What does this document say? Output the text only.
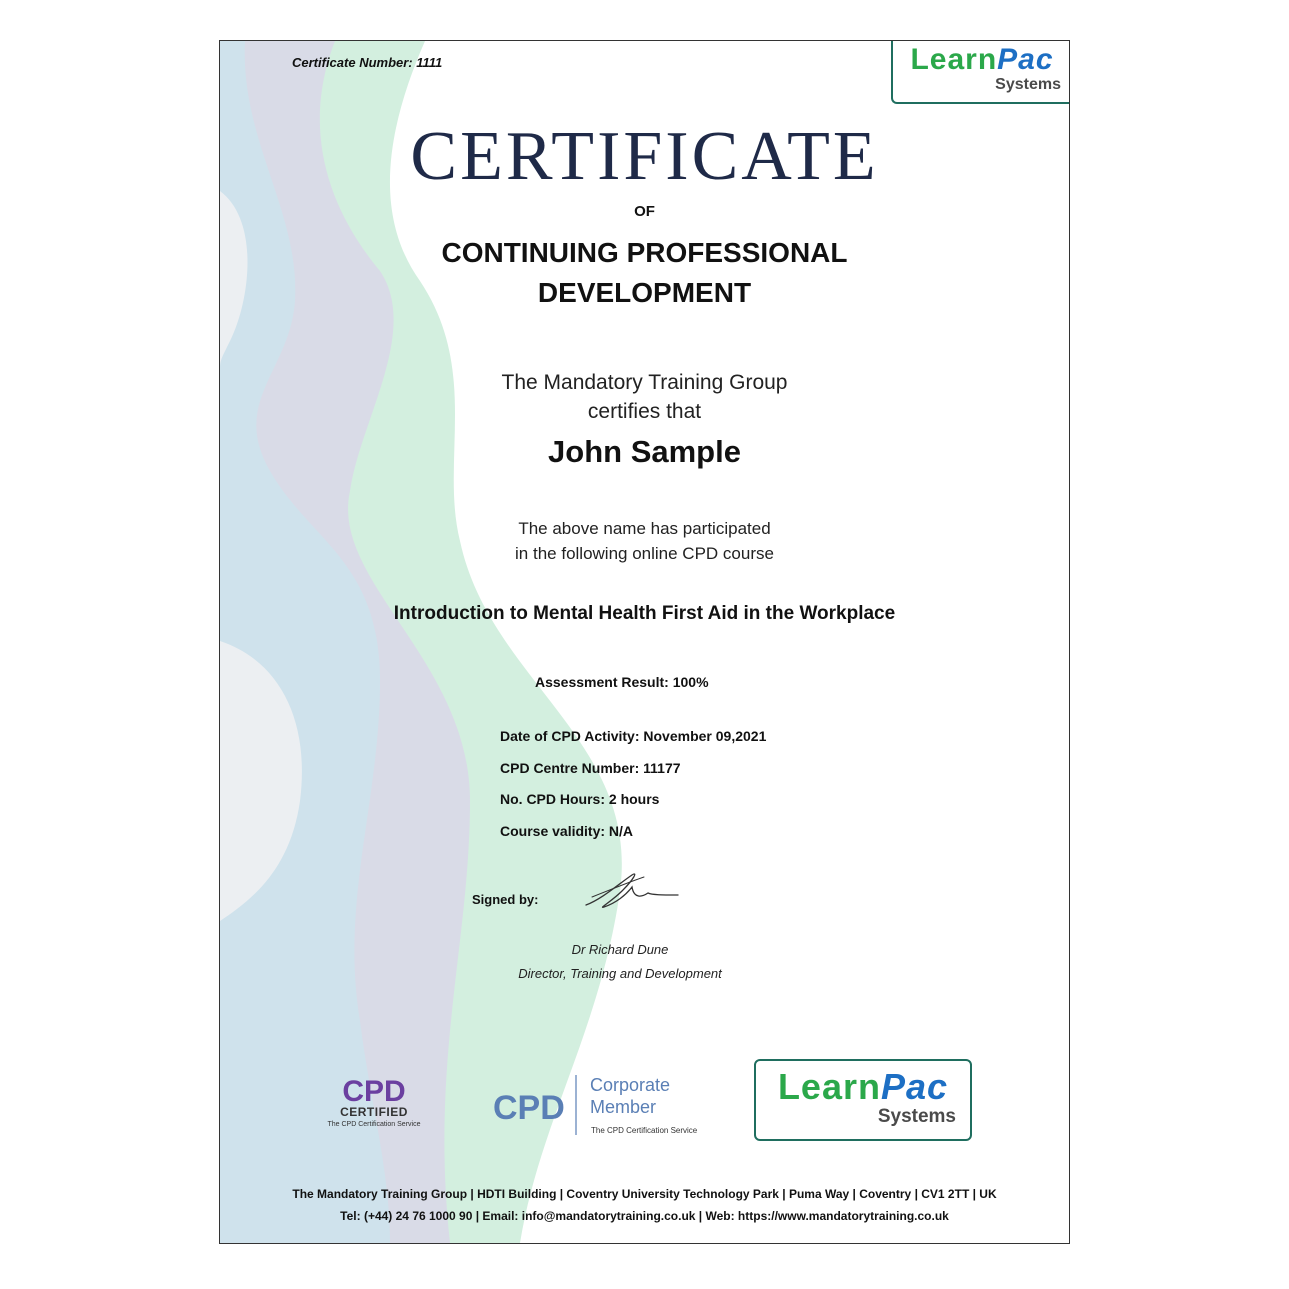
Certificate Number: 1111	LearnPac
Systems
CERTIFICATE
OF
CONTINUING PROFESSIONAL
DEVELOPMENT
The Mandatory Training Group
certifies that
John Sample
The above name has participated
in the following online CPD course
Introduction to Mental Health First Aid in the Workplace
Assessment Result: 100%
Date of CPD Activity: November 09,2021
CPD Centre Number: 11177
No. CPD Hours: 2 hours
Course validity: N/A
Signed by:
Dr Richard Dune
Director, Training and Development
CPD
CERTIFIED
The CPD Certification Service CPD
Corporate
Member
The CPD Certification Service
LearnPac
Systems
The Mandatory Training Group | HDTI Building | Coventry University Technology Park | Puma Way | Coventry | CV1 2TT | UK
Tel: (+44) 24 76 1000 90 | Email: info@mandatorytraining.co.uk | Web: https://www.mandatorytraining.co.uk
